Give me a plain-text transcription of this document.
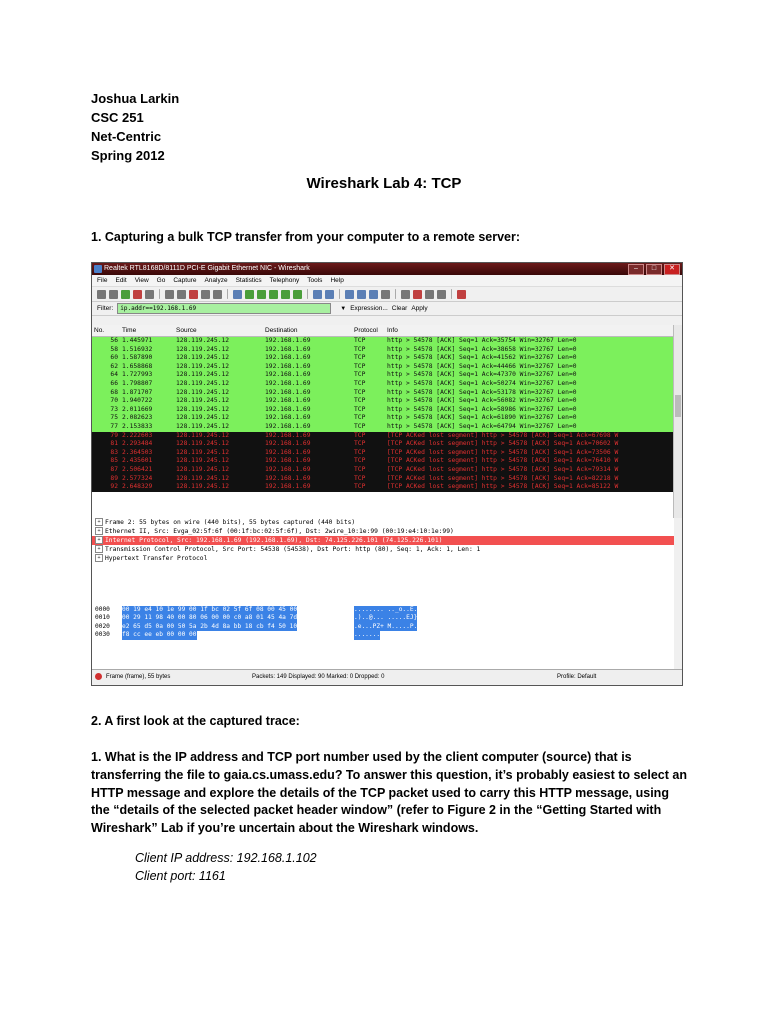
Joshua Larkin
CSC 251
Net-Centric
Spring 2012
Wireshark Lab 4: TCP
1. Capturing a bulk TCP transfer from your computer to a remote server:
Realtek RTL8168D/8111D PCI-E Gigabit Ethernet NIC - Wireshark	–	□	✕
File Edit View Go Capture Analyze Statistics Telephony Tools Help
Filter:	ip.addr==192.168.1.69	▼ Expression... Clear Apply
No.	Time	Source	Destination	Protocol Info
56 1.445971	128.119.245.12	192.168.1.69	TCP	http > 54578 [ACK] Seq=1 Ack=35754 Win=32767 Len=0
58 1.516932	128.119.245.12	192.168.1.69	TCP	http > 54578 [ACK] Seq=1 Ack=38658 Win=32767 Len=0
60 1.587890	128.119.245.12	192.168.1.69	TCP	http > 54578 [ACK] Seq=1 Ack=41562 Win=32767 Len=0
62 1.658868	128.119.245.12	192.168.1.69	TCP	http > 54578 [ACK] Seq=1 Ack=44466 Win=32767 Len=0
64 1.727993	128.119.245.12	192.168.1.69	TCP	http > 54578 [ACK] Seq=1 Ack=47370 Win=32767 Len=0
66 1.798807	128.119.245.12	192.168.1.69	TCP	http > 54578 [ACK] Seq=1 Ack=50274 Win=32767 Len=0
68 1.871707	128.119.245.12	192.168.1.69	TCP	http > 54578 [ACK] Seq=1 Ack=53178 Win=32767 Len=0
70 1.940722	128.119.245.12	192.168.1.69	TCP	http > 54578 [ACK] Seq=1 Ack=56082 Win=32767 Len=0
73 2.011669	128.119.245.12	192.168.1.69	TCP	http > 54578 [ACK] Seq=1 Ack=58986 Win=32767 Len=0
75 2.082623	128.119.245.12	192.168.1.69	TCP	http > 54578 [ACK] Seq=1 Ack=61890 Win=32767 Len=0
77 2.153833	128.119.245.12	192.168.1.69	TCP	http > 54578 [ACK] Seq=1 Ack=64794 Win=32767 Len=0
79 2.222603	128.119.245.12	192.168.1.69	TCP	[TCP ACKed lost segment] http > 54578 [ACK] Seq=1 Ack=67698 W
81 2.293484	128.119.245.12	192.168.1.69	TCP	[TCP ACKed lost segment] http > 54578 [ACK] Seq=1 Ack=70602 W
83 2.364503	128.119.245.12	192.168.1.69	TCP	[TCP ACKed lost segment] http > 54578 [ACK] Seq=1 Ack=73506 W
85 2.435601	128.119.245.12	192.168.1.69	TCP	[TCP ACKed lost segment] http > 54578 [ACK] Seq=1 Ack=76410 W
87 2.506421	128.119.245.12	192.168.1.69	TCP	[TCP ACKed lost segment] http > 54578 [ACK] Seq=1 Ack=79314 W
89 2.577324	128.119.245.12	192.168.1.69	TCP	[TCP ACKed lost segment] http > 54578 [ACK] Seq=1 Ack=82218 W
92 2.648329	128.119.245.12	192.168.1.69	TCP	[TCP ACKed lost segment] http > 54578 [ACK] Seq=1 Ack=85122 W
+ Frame 2: 55 bytes on wire (440 bits), 55 bytes captured (440 bits)
+ Ethernet II, Src: Evga_02:5f:6f (00:1f:bc:02:5f:6f), Dst: 2wire_10:1e:99 (00:19:e4:10:1e:99)
+ Internet Protocol, Src: 192.168.1.69 (192.168.1.69), Dst: 74.125.226.101 (74.125.226.101)
+ Transmission Control Protocol, Src Port: 54538 (54538), Dst Port: http (80), Seq: 1, Ack: 1, Len: 1
+ Hypertext Transfer Protocol
0000 00 19 e4 10 1e 99 00 1f bc 02 5f 6f 08 00 45 00	........ .._o..E.
0010 00 29 11 98 40 00 80 06 00 00 c0 a8 01 45 4a 7d	.)..@... .....EJ}
0020 e2 65 d5 0a 00 50 5a 2b 4d 8a bb 18 cb f4 50 10	.e...PZ+ M.....P.
0030 f8 cc ee eb 00 00 00	.......
Frame (frame), 55 bytes	Packets: 149 Displayed: 90 Marked: 0 Dropped: 0	Profile: Default
2. A first look at the captured trace:
1. What is the IP address and TCP port number used by the client computer (source) that is transferring the file to gaia.cs.umass.edu? To answer this question, it’s probably easiest to select an HTTP message and explore the details of the TCP packet used to carry this HTTP message, using the “details of the selected packet header window” (refer to Figure 2 in the “Getting Started with Wireshark” Lab if you’re uncertain about the Wireshark windows.
Client IP address: 192.168.1.102
Client port: 1161
